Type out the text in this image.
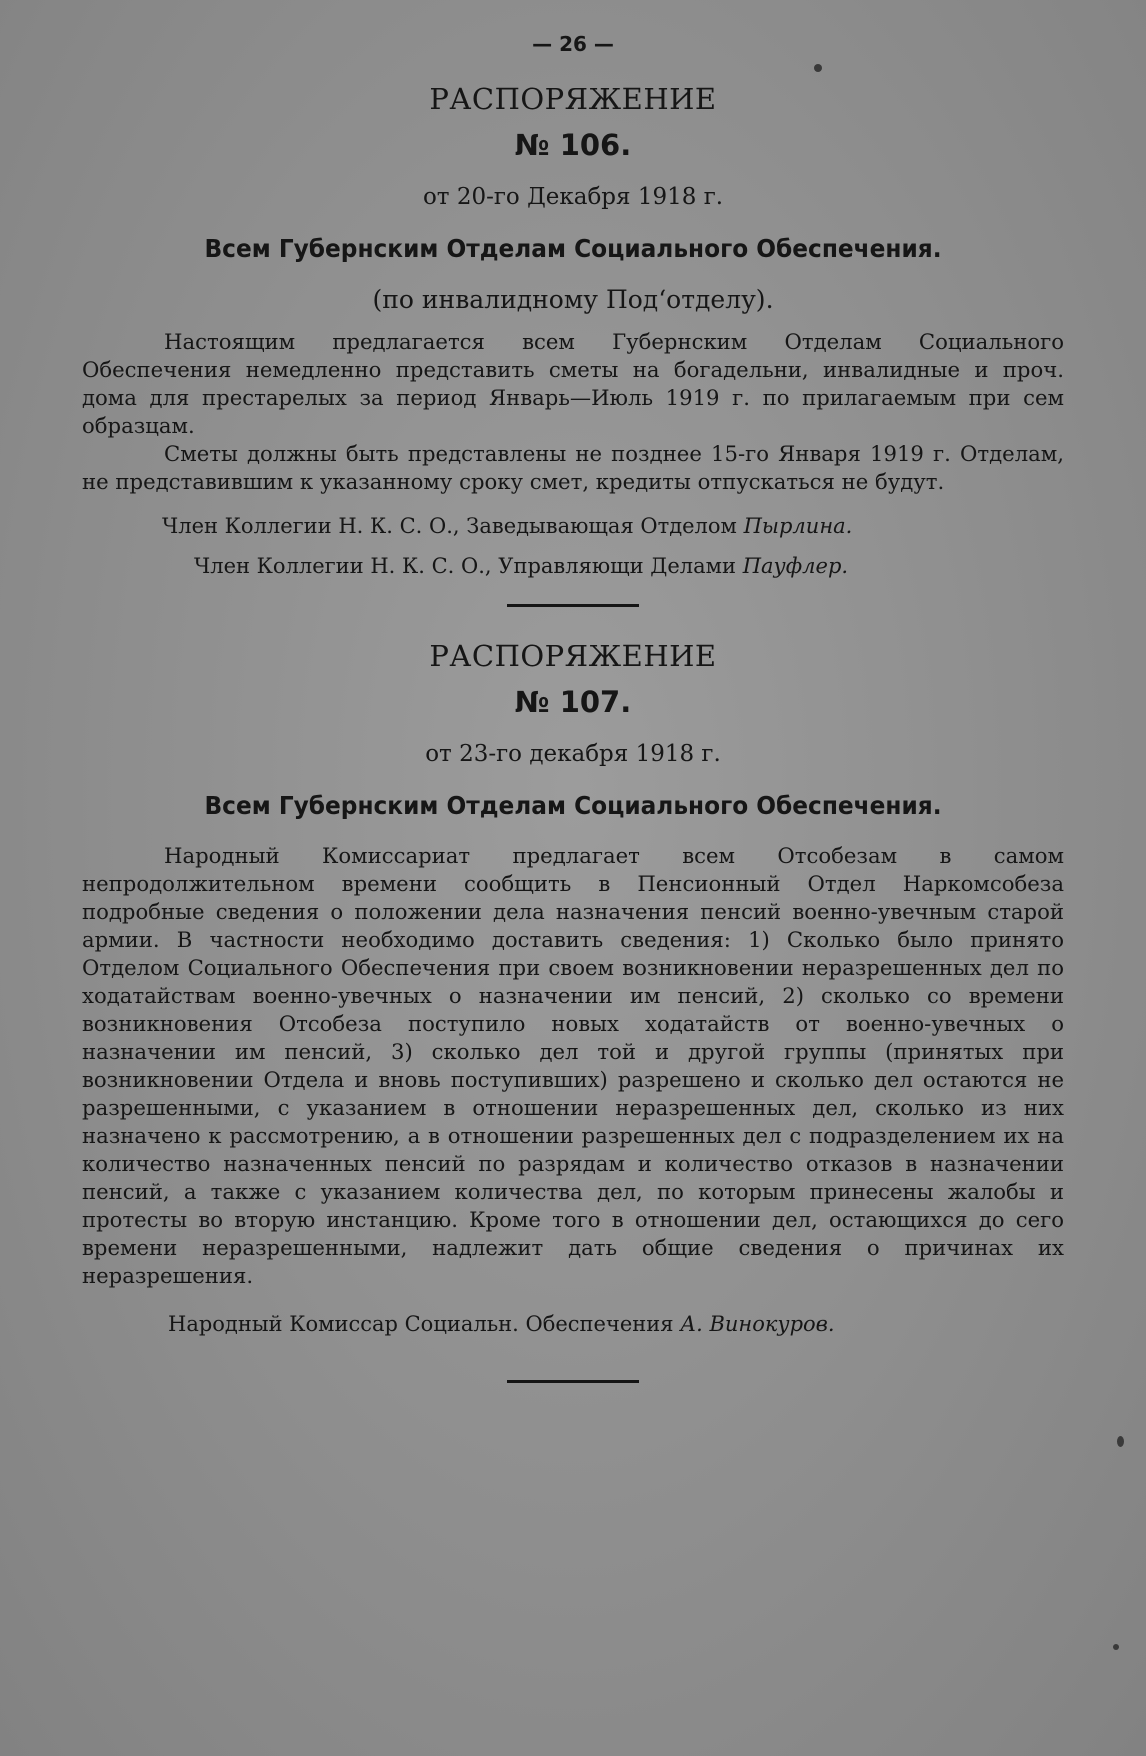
— 26 —
РАСПОРЯЖЕНИЕ
№ 106.
от 20-го Декабря 1918 г.
Всем Губернским Отделам Социального Обеспечения.
(по инвалидному Под‘отделу).

Настоящим предлагается всем Губернским Отделам Социального Обеспечения немедленно представить сметы на богадельни, инвалидные и проч. дома для престарелых за период Январь—Июль 1919 г. по прилагаемым при сем образцам.

Сметы должны быть представлены не позднее 15-го Января 1919 г. Отделам, не представившим к указанному сроку смет, кредиты отпускаться не будут.

Член Коллегии Н. К. С. О., Заведывающая Отделом Пырлина.

Член Коллегии Н. К. С. О., Управляющи Делами Пауфлер.

РАСПОРЯЖЕНИЕ
№ 107.
от 23-го декабря 1918 г.
Всем Губернским Отделам Социального Обеспечения.

Народный Комиссариат предлагает всем Отсобезам в самом непродолжительном времени сообщить в Пенсионный Отдел Наркомсобеза подробные сведения о положении дела назначения пенсий военно-увечным старой армии. В частности необходимо доставить сведения: 1) Сколько было принято Отделом Социального Обеспечения при своем возникновении неразрешенных дел по ходатайствам военно-увечных о назначении им пенсий, 2) сколько со времени возникновения Отсобеза поступило новых ходатайств от военно-увечных о назначении им пенсий, 3) сколько дел той и другой группы (принятых при возникновении Отдела и вновь поступивших) разрешено и сколько дел остаются не разрешенными, с указанием в отношении неразрешенных дел, сколько из них назначено к рассмотрению, а в отношении разрешенных дел с подразделением их на количество назначенных пенсий по разрядам и количество отказов в назначении пенсий, а также с указанием количества дел, по которым принесены жалобы и протесты во вторую инстанцию. Кроме того в отношении дел, остающихся до сего времени неразрешенными, надлежит дать общие сведения о причинах их неразрешения.

Народный Комиссар Социальн. Обеспечения А. Винокуров.
